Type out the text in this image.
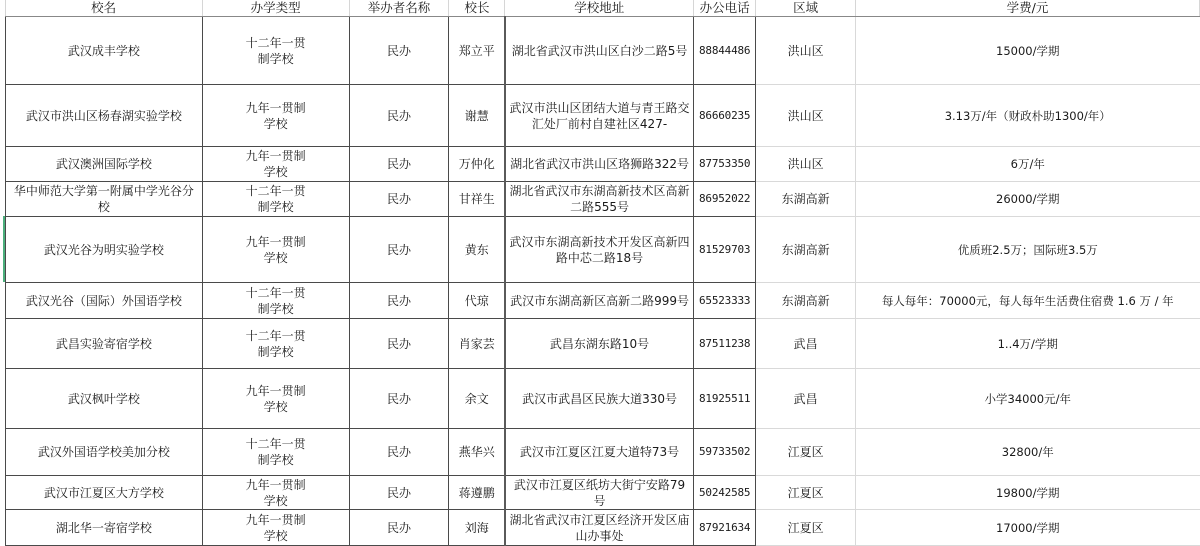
校名	办学类型	举办者名称	校长	学校地址	办公电话	区域	学费/元
武汉成丰学校	十二年一贯制学校	民办	郑立平	湖北省武汉市洪山区白沙二路5号	88844486	洪山区	15000/学期
武汉市洪山区杨春湖实验学校	九年一贯制学校	民办	谢慧	武汉市洪山区团结大道与青王路交汇处厂前村自建社区427-	86660235	洪山区	3.13万/年（财政朴助1300/年）
武汉澳洲国际学校	九年一贯制学校	民办	万仲化	湖北省武汉市洪山区珞狮路322号	87753350	洪山区	6万/年
华中师范大学第一附属中学光谷分校	十二年一贯制学校	民办	甘祥生	湖北省武汉市东湖高新技术区高新二路555号	86952022	东湖高新	26000/学期
武汉光谷为明实验学校	九年一贯制学校	民办	黄东	武汉市东湖高新技术开发区高新四路中芯二路18号	81529703	东湖高新	优质班2.5万；国际班3.5万
武汉光谷（国际）外国语学校	十二年一贯制学校	民办	代琼	武汉市东湖高新区高新二路999号	65523333	东湖高新	每人每年：70000元，每人每年生活费住宿费 1.6 万 / 年
武昌实验寄宿学校	十二年一贯制学校	民办	肖家芸	武昌东湖东路10号	87511238	武昌	1..4万/学期
武汉枫叶学校	九年一贯制学校	民办	余文	武汉市武昌区民族大道330号	81925511	武昌	小学34000元/年
武汉外国语学校美加分校	十二年一贯制学校	民办	燕华兴	武汉市江夏区江夏大道特73号	59733502	江夏区	32800/年
武汉市江夏区大方学校	九年一贯制学校	民办	蒋遵鹏	武汉市江夏区纸坊大街宁安路79号	50242585	江夏区	19800/学期
湖北华一寄宿学校	九年一贯制学校	民办	刘海	湖北省武汉市江夏区经济开发区庙山办事处	87921634	江夏区	17000/学期
